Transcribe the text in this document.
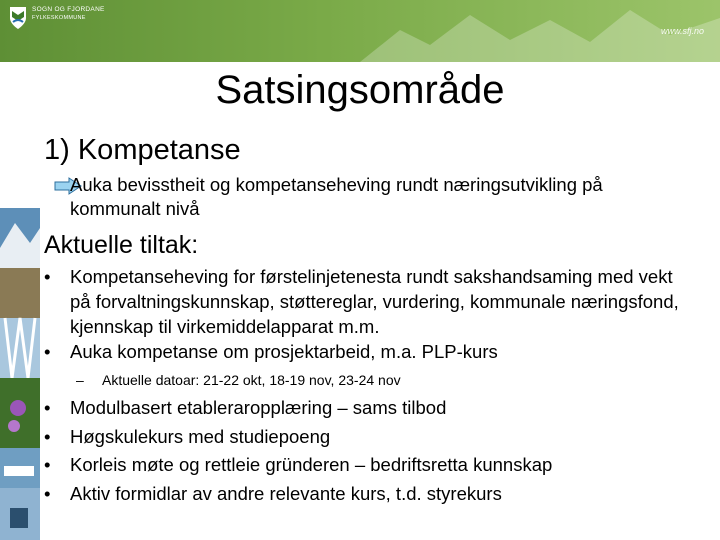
SOGN OG FJORDANE
FYLKESKOMMUNE
www.sfj.no
Satsingsområde
1) Kompetanse
Auka bevisstheit og kompetanseheving rundt næringsutvikling på kommunalt nivå
Aktuelle tiltak:
• Kompetanseheving for førstelinjetenesta rundt sakshandsaming med vekt på forvaltningskunnskap, støttereglar, vurdering, kommunale næringsfond, kjennskap til virkemiddelapparat m.m.
• Auka kompetanse om prosjektarbeid, m.a. PLP-kurs
– Aktuelle datoar: 21-22 okt, 18-19 nov, 23-24 nov
• Modulbasert etableraropplæring – sams tilbod
• Høgskulekurs med studiepoeng
• Korleis møte og rettleie gründeren – bedriftsretta kunnskap
• Aktiv formidlar av andre relevante kurs, t.d. styrekurs
